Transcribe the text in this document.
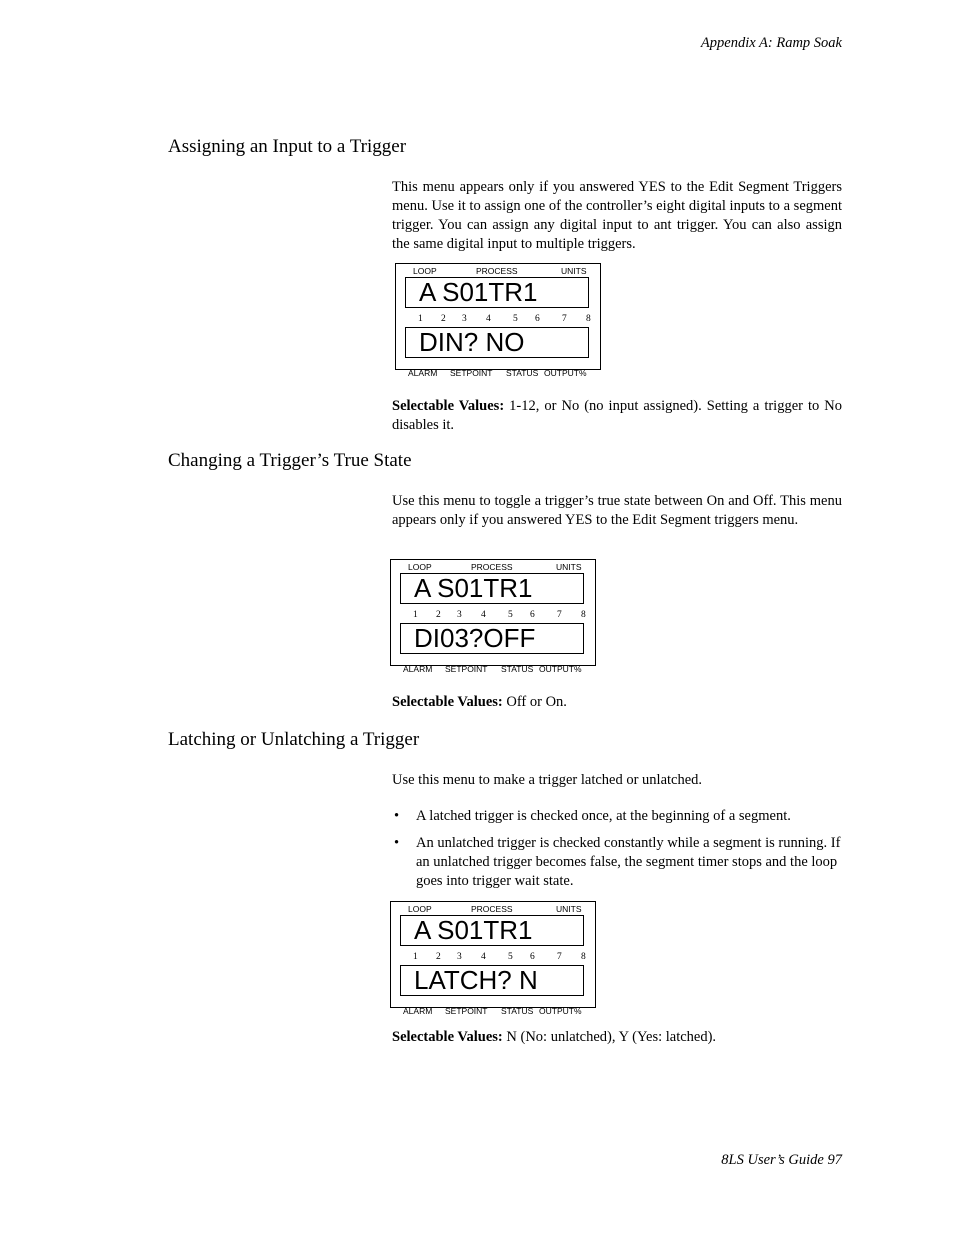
Appendix A: Ramp Soak
Assigning an Input to a Trigger

This menu appears only if you answered YES to the Edit Segment Triggers menu. Use it to assign one of the controller’s eight digital inputs to a segment trigger. You can assign any digital input to ant trigger. You can also assign the same digital input to multiple triggers.

LOOP	PROCESS	UNITS
A S01TR1
1 2 3 4 5 6 7 8
DIN? NO
ALARM SETPOINT STATUS OUTPUT%

Selectable Values: 1-12, or No (no input assigned). Setting a trigger to No disables it.

Changing a Trigger’s True State

Use this menu to toggle a trigger’s true state between On and Off. This menu appears only if you answered YES to the Edit Segment triggers menu.

LOOP	PROCESS	UNITS
A S01TR1
1 2 3 4 5 6 7 8
DI03?OFF
ALARM SETPOINT STATUS OUTPUT%

Selectable Values: Off or On.

Latching or Unlatching a Trigger

Use this menu to make a trigger latched or unlatched.

• A latched trigger is checked once, at the beginning of a segment.
• An unlatched trigger is checked constantly while a segment is running. If an unlatched trigger becomes false, the segment timer stops and the loop goes into trigger wait state.
LOOP	PROCESS	UNITS
A S01TR1
1 2 3 4 5 6 7 8
LATCH? N
ALARM SETPOINT STATUS OUTPUT%

Selectable Values: N (No: unlatched), Y (Yes: latched).

8LS User’s Guide 97
